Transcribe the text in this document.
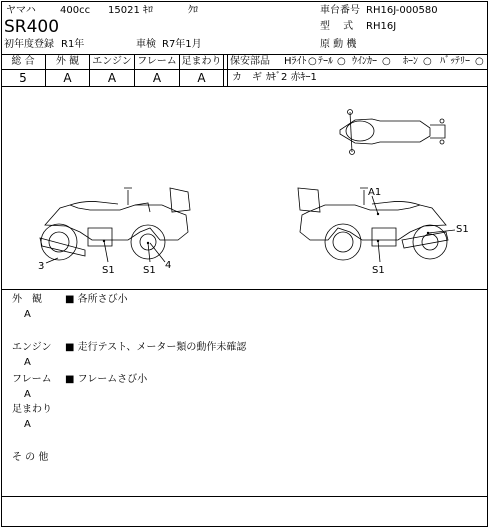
ヤマハ 400cc 15021 ｷﾛ	ｸﾛ	車台番号 RH16J-000580
SR400	型　 式 RH16J
初年度登録 R1年	車検 R7年1月	原 動 機
総 合	外 観	エンジン フレーム 足まわり
5	A	A	A	A
保安部品 Hﾗｲﾄ ○ ﾃｰﾙ ○ ｳｲﾝｶｰ ○ ﾎｰﾝ ○ ﾊﾞｯﾃﾘｰ ○
カ　ギ ｶｷﾞ2 赤ｷｰ1
3	S1	S1 4
A1
S1
S1
外　観
A
■ 各所さび小
エンジン
A
■ 走行テスト、メーター類の動作未確認
フレーム
A
■ フレームさび小
足まわり
A
そ の 他
